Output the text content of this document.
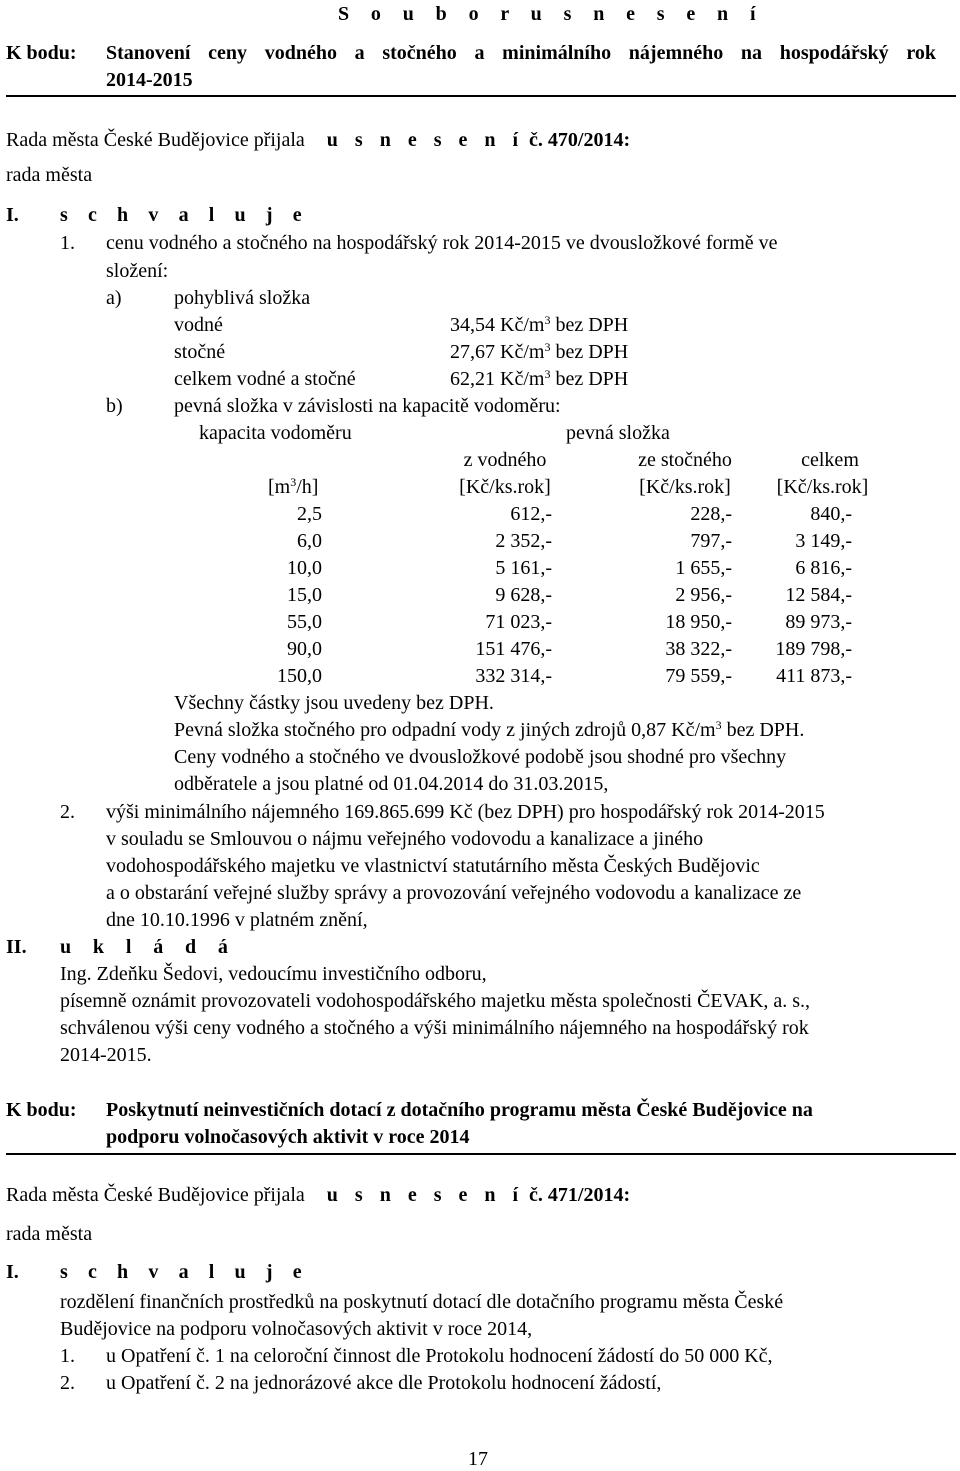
S o u b o r u s n e s e n í
K bodu: Stanovení ceny vodného a stočného a minimálního nájemného na hospodářský rok
2014-2015
Rada města České Budějovice přijala u s n e s e n í č. 470/2014:
rada města
I. s c h v a l u j e
1. cenu vodného a stočného na hospodářský rok 2014-2015 ve dvousložkové formě ve
složení:
a)	pohyblivá složka
vodné	34,54 $Kč/m^3$ bez DPH
stočné	27,67 $Kč/m^3$ bez DPH
celkem vodné a stočné	62,21 $Kč/m^3$ bez DPH
b)	pevná složka v závislosti na kapacitě vodoměru:
kapacita vodoměru	pevná složka
z vodného	ze stočného	celkem
$[m^3/h]$	[Kč/ks.rok]	[Kč/ks.rok]	[Kč/ks.rok]
2,5	612,-	228,-	840,-
6,0	2 352,-	797,-	3 149,-
10,0	5 161,-	1 655,-	6 816,-
15,0	9 628,-	2 956,-	12 584,-
55,0	71 023,-	18 950,-	89 973,-
90,0	151 476,-	38 322,-	189 798,-
150,0	332 314,-	79 559,-	411 873,-
Všechny částky jsou uvedeny bez DPH.
Pevná složka stočného pro odpadní vody z jiných zdrojů 0,87 $Kč/m^3$ bez DPH.
Ceny vodného a stočného ve dvousložkové podobě jsou shodné pro všechny
odběratele a jsou platné od 01.04.2014 do 31.03.2015,
2. výši minimálního nájemného 169.865.699 Kč (bez DPH) pro hospodářský rok 2014-2015
v souladu se Smlouvou o nájmu veřejného vodovodu a kanalizace a jiného
vodohospodářského majetku ve vlastnictví statutárního města Českých Budějovic
a o obstarání veřejné služby správy a provozování veřejného vodovodu a kanalizace ze
dne 10.10.1996 v platném znění,
II. u k l á d á
Ing. Zdeňku Šedovi, vedoucímu investičního odboru,
písemně oznámit provozovateli vodohospodářského majetku města společnosti ČEVAK, a. s.,
schválenou výši ceny vodného a stočného a výši minimálního nájemného na hospodářský rok
2014-2015.
K bodu: Poskytnutí neinvestičních dotací z dotačního programu města České Budějovice na
podporu volnočasových aktivit v roce 2014
Rada města České Budějovice přijala u s n e s e n í č. 471/2014:
rada města
I. s c h v a l u j e
rozdělení finančních prostředků na poskytnutí dotací dle dotačního programu města České
Budějovice na podporu volnočasových aktivit v roce 2014,
1. u Opatření č. 1 na celoroční činnost dle Protokolu hodnocení žádostí do 50 000 Kč,
2. u Opatření č. 2 na jednorázové akce dle Protokolu hodnocení žádostí,
17
